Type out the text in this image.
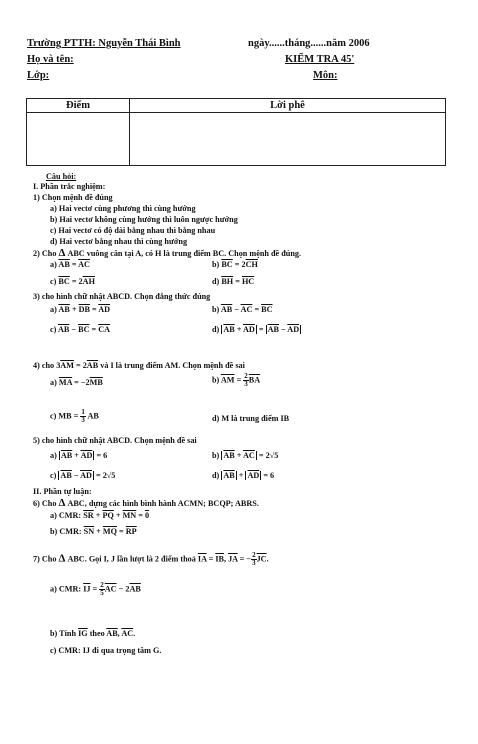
Trường PTTH: Nguyễn Thái Bình	ngày......tháng......năm 2006
Họ và tên:	KIỂM TRA 45'
Lớp:	Môn:
Điểm	Lời phê

Câu hỏi:
I. Phần trắc nghiệm:
1) Chọn mệnh đề đúng
a) Hai vectơ cùng phương thì cùng hướng
b) Hai vectơ không cùng hướng thì luôn ngược hướng
c) Hai vectơ có độ dài bằng nhau thì bằng nhau
d) Hai vectơ bằng nhau thì cùng hướng
2) Cho Δ ABC vuông cân tại A, có H là trung điểm BC. Chọn mệnh đề đúng.
a) $\overline{AB} = \overline{AC}$	b) $\overline{BC} = 2\overline{CH}$
c) $\overline{BC} = 2\overline{AH}$	d) $\overline{BH} = \overline{HC}$
3) cho hình chữ nhật ABCD. Chọn đẳng thức đúng
a) $\overline{AB} + \overline{DB} = \overline{AD}$	b) $\overline{AB} - \overline{AC} = \overline{BC}$
c) $\overline{AB} - \overline{BC} = \overline{CA}$	d) $\overline{AB} + \overline{AD} = \overline{AB} - \overline{AD}$
4) cho $3\overline{AM} = 2\overline{AB}$ và I là trung điểm AM. Chọn mệnh đề sai
a) $\overline{MA} = -2\overline{MB}$	b) $\overline{AM} = \frac{2}{3} \overline{BA}$
c) MB = $\frac{1}{3}$ AB	d) M là trung điểm IB
5) cho hình chữ nhật ABCD. Chọn mệnh đề sai
a) $\overline{AB} + \overline{AD} = 6$	b) $\overline{AB} + \overline{AC} = 2√5$
c) $\overline{AB} - \overline{AD} = 2√5$	d) $\overline{AB} + \overline{AD} = 6$
II. Phần tự luận:
6) Cho Δ ABC, dựng các hình bình hành ACMN; BCQP; ABRS.
a) CMR: $\overline{SR} + \overline{PQ} + \overline{MN} = 0$
b) CMR: $\overline{SN} + \overline{MQ} = \overline{RP}$
7) Cho Δ ABC. Gọi I, J lần lượt là 2 điểm thoả $\overline{IA} = \overline{IB}$, $\overline{JA}$ = − $\frac{2}{3} \overline{JC}$.
a) CMR: $\overline{IJ} = \frac{2}{5} \overline{AC} - 2\overline{AB}$
b) Tính $\overline{IG}$ theo $\overline{AB}$, $\overline{AC}$.
c) CMR: IJ đi qua trọng tâm G.
